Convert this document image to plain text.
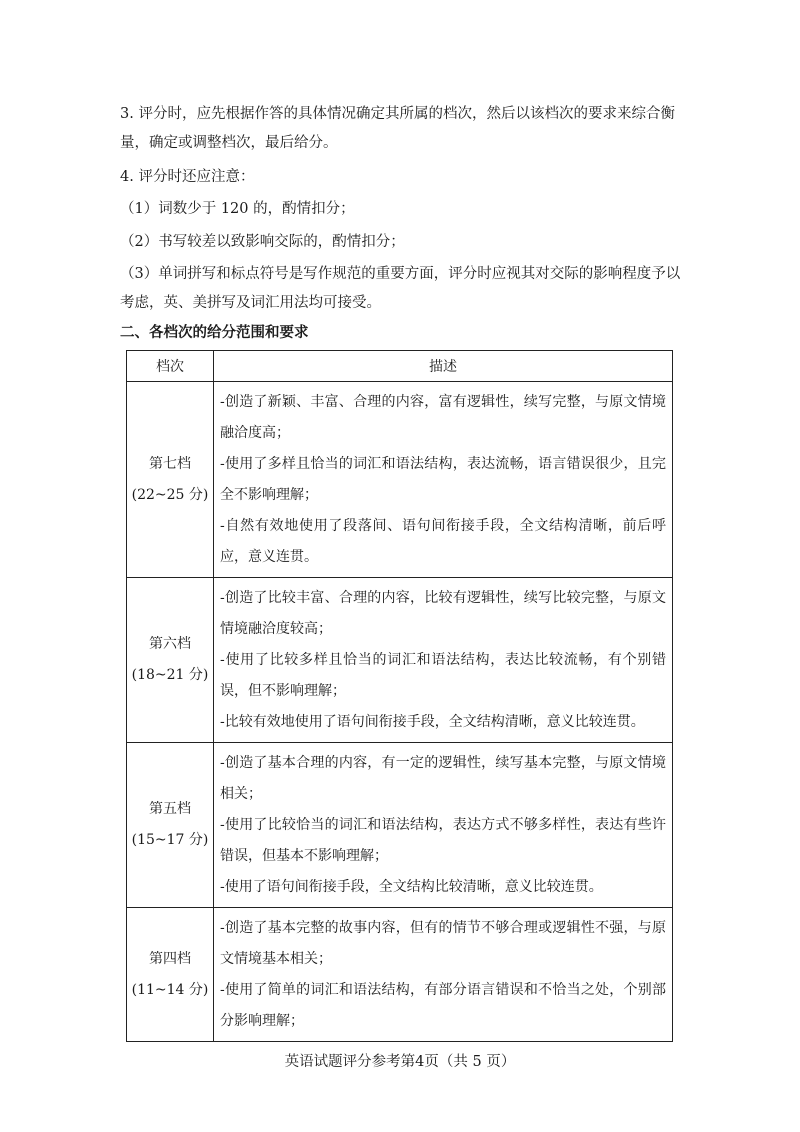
3. 评分时，应先根据作答的具体情况确定其所属的档次，然后以该档次的要求来综合衡量，确定或调整档次，最后给分。
4. 评分时还应注意：
（1）词数少于 120 的，酌情扣分；
（2）书写较差以致影响交际的，酌情扣分；
（3）单词拼写和标点符号是写作规范的重要方面，评分时应视其对交际的影响程度予以考虑，英、美拼写及词汇用法均可接受。
二、各档次的给分范围和要求
档次	描述

第七档
(22~25 分)	-创造了新颖、丰富、合理的内容，富有逻辑性，续写完整，与原文情境融洽度高；
-使用了多样且恰当的词汇和语法结构，表达流畅，语言错误很少，且完全不影响理解；
-自然有效地使用了段落间、语句间衔接手段，全文结构清晰，前后呼应，意义连贯。

第六档
(18~21 分)	-创造了比较丰富、合理的内容，比较有逻辑性，续写比较完整，与原文情境融洽度较高；
-使用了比较多样且恰当的词汇和语法结构，表达比较流畅，有个别错误，但不影响理解；
-比较有效地使用了语句间衔接手段，全文结构清晰，意义比较连贯。

第五档
(15~17 分)	-创造了基本合理的内容，有一定的逻辑性，续写基本完整，与原文情境相关；
-使用了比较恰当的词汇和语法结构，表达方式不够多样性，表达有些许错误，但基本不影响理解；
-使用了语句间衔接手段，全文结构比较清晰，意义比较连贯。

第四档
(11~14 分)	-创造了基本完整的故事内容，但有的情节不够合理或逻辑性不强，与原文情境基本相关；
-使用了简单的词汇和语法结构，有部分语言错误和不恰当之处，个别部分影响理解；
英语试题评分参考第4页（共 5 页）
